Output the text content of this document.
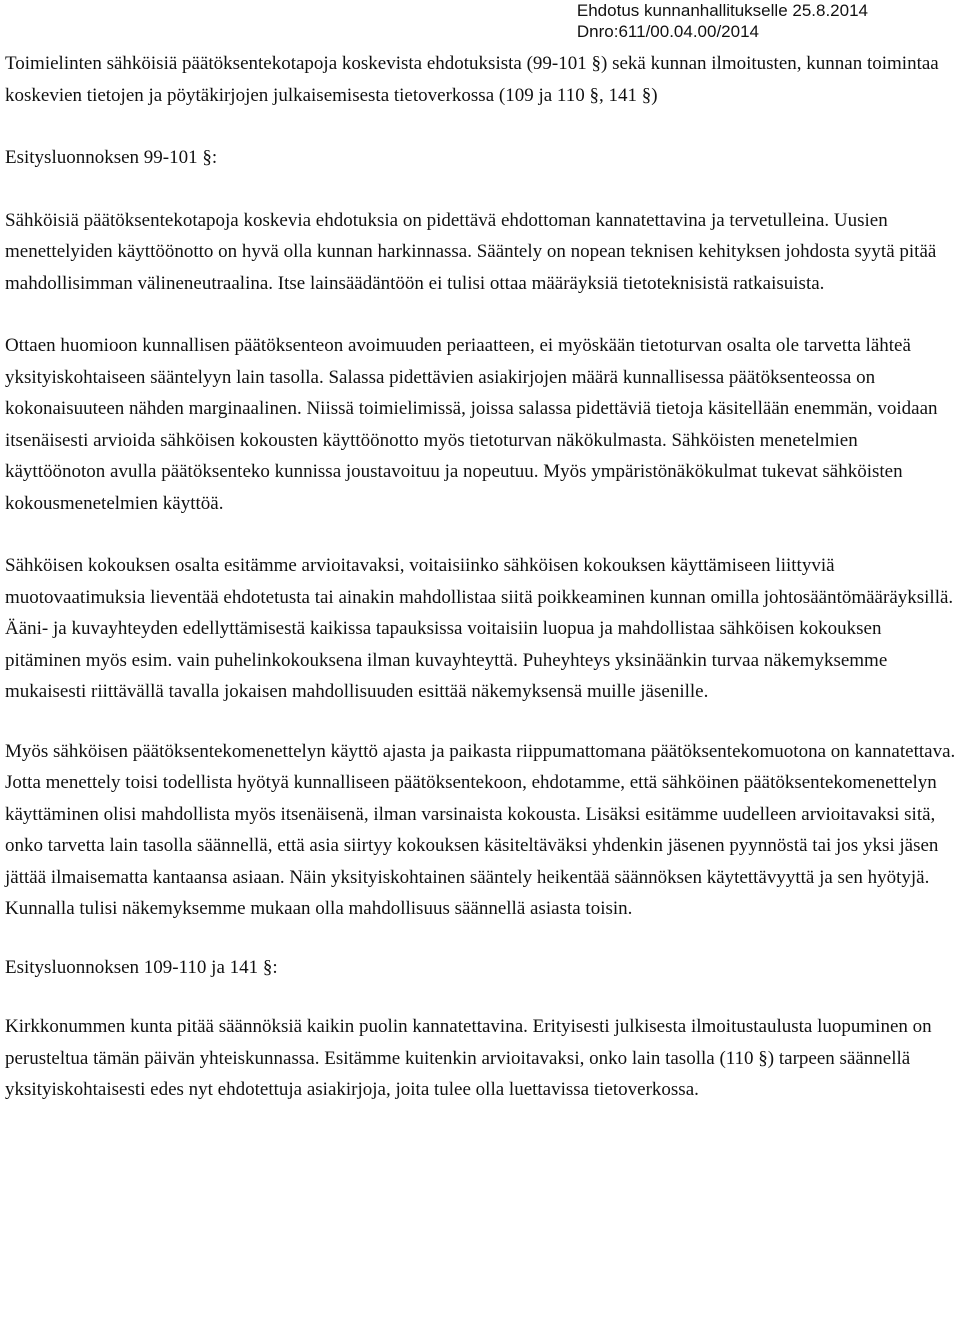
Ehdotus kunnanhallitukselle 25.8.2014
Dnro:611/00.04.00/2014

Toimielinten sähköisiä päätöksentekotapoja koskevista ehdotuksista (99-101 §) sekä kunnan ilmoitusten, kunnan toimintaa koskevien tietojen ja pöytäkirjojen julkaisemisesta tietoverkossa (109 ja 110 §, 141 §)

Esitysluonnoksen 99-101 §:

Sähköisiä päätöksentekotapoja koskevia ehdotuksia on pidettävä ehdottoman kannatettavina ja tervetulleina. Uusien menettelyiden käyttöönotto on hyvä olla kunnan harkinnassa. Sääntely on nopean teknisen kehityksen johdosta syytä pitää mahdollisimman välineneutraalina. Itse lainsäädäntöön ei tulisi ottaa määräyksiä tietoteknisistä ratkaisuista.

Ottaen huomioon kunnallisen päätöksenteon avoimuuden periaatteen, ei myöskään tietoturvan osalta ole tarvetta lähteä yksityiskohtaiseen sääntelyyn lain tasolla. Salassa pidettävien asiakirjojen määrä kunnallisessa päätöksenteossa on kokonaisuuteen nähden marginaalinen. Niissä toimielimissä, joissa salassa pidettäviä tietoja käsitellään enemmän, voidaan itsenäisesti arvioida sähköisen kokousten käyttöönotto myös tietoturvan näkökulmasta. Sähköisten menetelmien käyttöönoton avulla päätöksenteko kunnissa joustavoituu ja nopeutuu. Myös ympäristönäkökulmat tukevat sähköisten kokousmenetelmien käyttöä.

Sähköisen kokouksen osalta esitämme arvioitavaksi, voitaisiinko sähköisen kokouksen käyttämiseen liittyviä muotovaatimuksia lieventää ehdotetusta tai ainakin mahdollistaa siitä poikkeaminen kunnan omilla johtosääntömääräyksillä. Ääni- ja kuvayhteyden edellyttämisestä kaikissa tapauksissa voitaisiin luopua ja mahdollistaa sähköisen kokouksen pitäminen myös esim. vain puhelinkokouksena ilman kuvayhteyttä. Puheyhteys yksinäänkin turvaa näkemyksemme mukaisesti riittävällä tavalla jokaisen mahdollisuuden esittää näkemyksensä muille jäsenille.

Myös sähköisen päätöksentekomenettelyn käyttö ajasta ja paikasta riippumattomana päätöksentekomuotona on kannatettava. Jotta menettely toisi todellista hyötyä kunnalliseen päätöksentekoon, ehdotamme, että sähköinen päätöksentekomenettelyn käyttäminen olisi mahdollista myös itsenäisenä, ilman varsinaista kokousta. Lisäksi esitämme uudelleen arvioitavaksi sitä, onko tarvetta lain tasolla säännellä, että asia siirtyy kokouksen käsiteltäväksi yhdenkin jäsenen pyynnöstä tai jos yksi jäsen jättää ilmaisematta kantaansa asiaan. Näin yksityiskohtainen sääntely heikentää säännöksen käytettävyyttä ja sen hyötyjä. Kunnalla tulisi näkemyksemme mukaan olla mahdollisuus säännellä asiasta toisin.

Esitysluonnoksen 109-110 ja 141 §:

Kirkkonummen kunta pitää säännöksiä kaikin puolin kannatettavina. Erityisesti julkisesta ilmoitustaulusta luopuminen on perusteltua tämän päivän yhteiskunnassa. Esitämme kuitenkin arvioitavaksi, onko lain tasolla (110 §) tarpeen säännellä yksityiskohtaisesti edes nyt ehdotettuja asiakirjoja, joita tulee olla luettavissa tietoverkossa.
